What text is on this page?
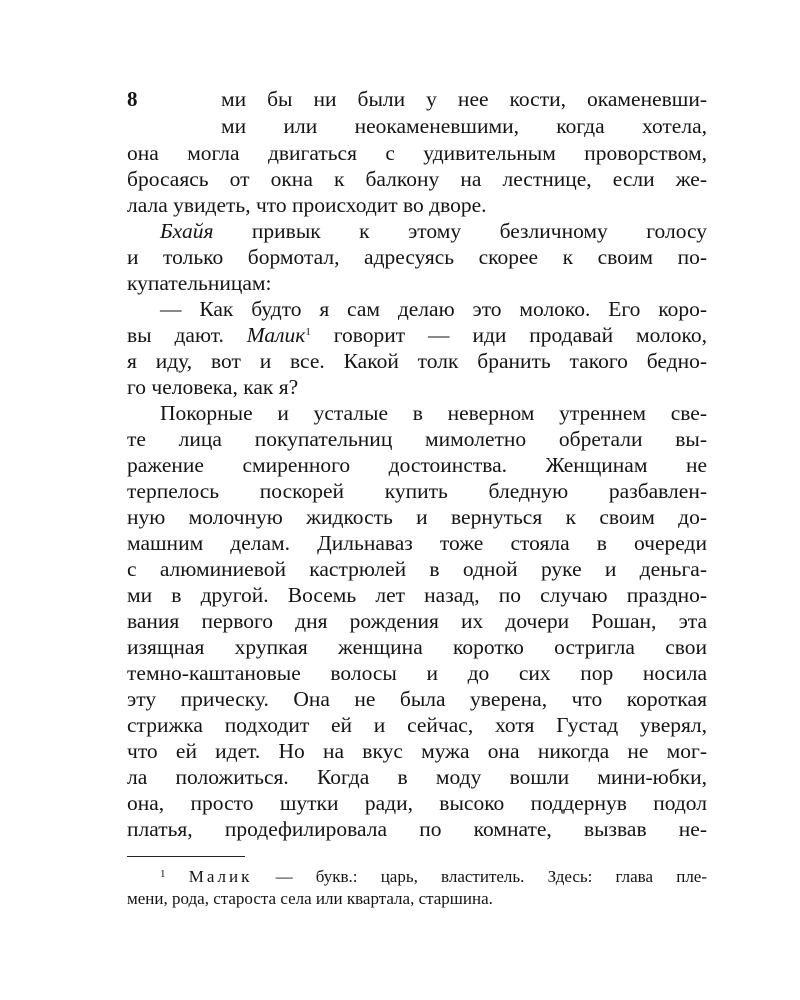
8	ми бы ни были у нее кости, окаменевши-
ми или неокаменевшими, когда хотела,
она могла двигаться с удивительным проворством,
бросаясь от окна к балкону на лестнице, если же-
лала увидеть, что происходит во дворе.
Бхайя привык к этому безличному голосу
и только бормотал, адресуясь скорее к своим по-
купательницам:
— Как будто я сам делаю это молоко. Его коро-
вы дают. Малик$^1$ говорит — иди продавай молоко,
я иду, вот и все. Какой толк бранить такого бедно-
го человека, как я?
Покорные и усталые в неверном утреннем све-
те лица покупательниц мимолетно обретали вы-
ражение смиренного достоинства. Женщинам не
терпелось поскорей купить бледную разбавлен-
ную молочную жидкость и вернуться к своим до-
машним делам. Дильнаваз тоже стояла в очереди
с алюминиевой кастрюлей в одной руке и деньга-
ми в другой. Восемь лет назад, по случаю праздно-
вания первого дня рождения их дочери Рошан, эта
изящная хрупкая женщина коротко остригла свои
темно-каштановые волосы и до сих пор носила
эту прическу. Она не была уверена, что короткая
стрижка подходит ей и сейчас, хотя Густад уверял,
что ей идет. Но на вкус мужа она никогда не мог-
ла положиться. Когда в моду вошли мини-юбки,
она, просто шутки ради, высоко поддернув подол
платья, продефилировала по комнате, вызвав не-
$^1$ Малик — букв.: царь, властитель. Здесь: глава пле-
мени, рода, староста села или квартала, старшина.
